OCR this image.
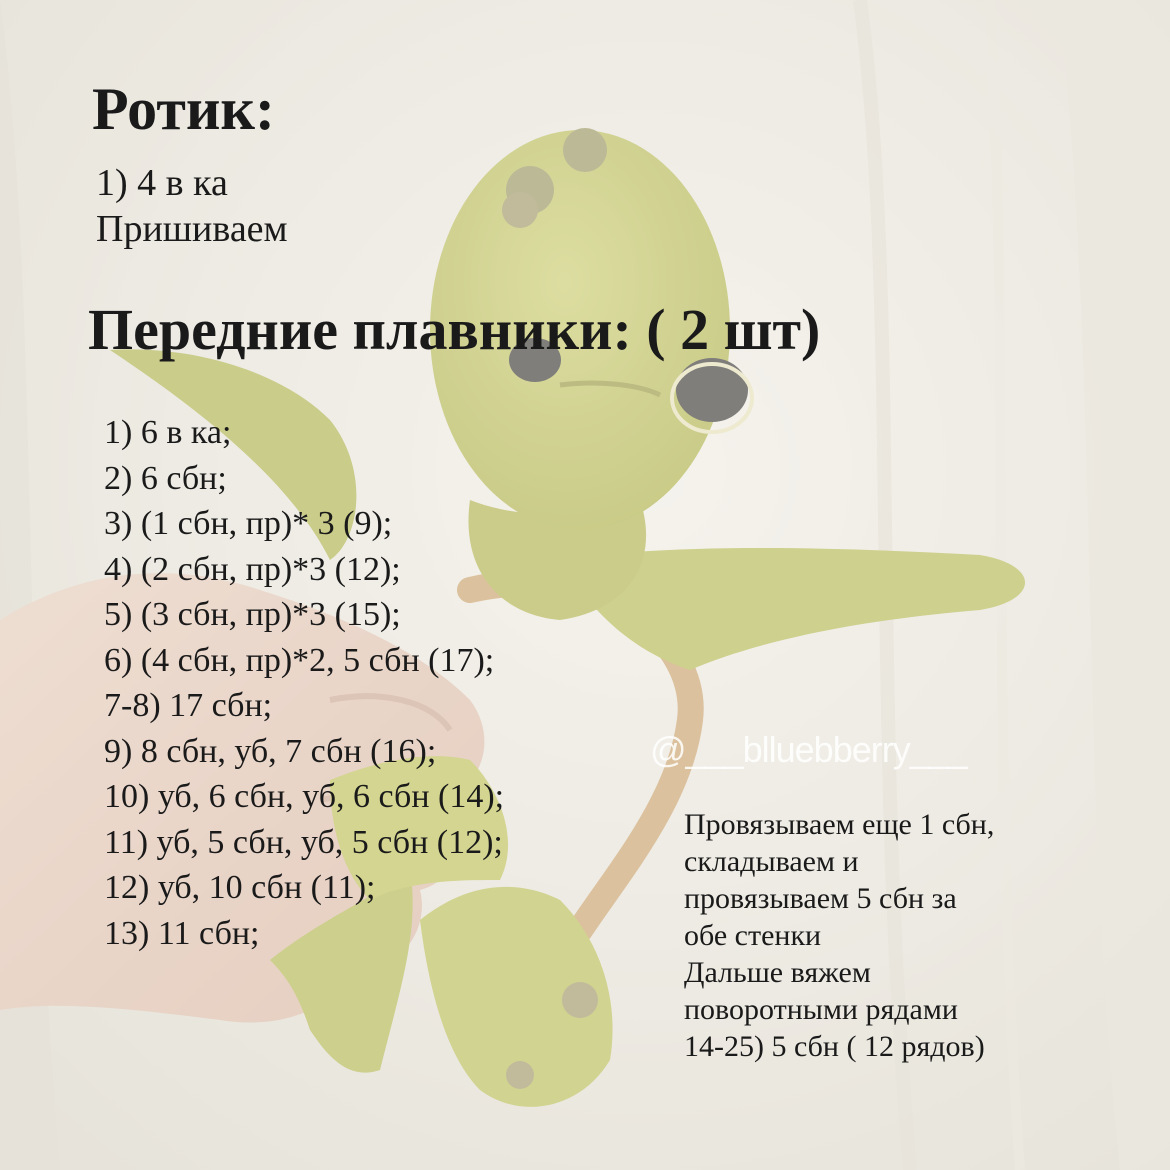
Ротик:
1) 4 в ка
Пришиваем
Передние плавники: ( 2 шт)
1) 6 в ка;
2) 6 сбн;
3) (1 сбн, пр)* 3 (9);
4) (2 сбн, пр)*3 (12);
5) (3 сбн, пр)*3 (15);
6) (4 сбн, пр)*2, 5 сбн (17);
7-8) 17 сбн;
9) 8 сбн, уб, 7 сбн (16);
10) уб, 6 сбн, уб, 6 сбн (14);
11) уб, 5 сбн, уб, 5 сбн (12);
12) уб, 10 сбн (11);
13) 11 сбн;
@___blluebberry___
Провязываем еще 1 сбн,
складываем и
провязываем 5 сбн за
обе стенки
Дальше вяжем
поворотными рядами
14-25) 5 сбн ( 12 рядов)
